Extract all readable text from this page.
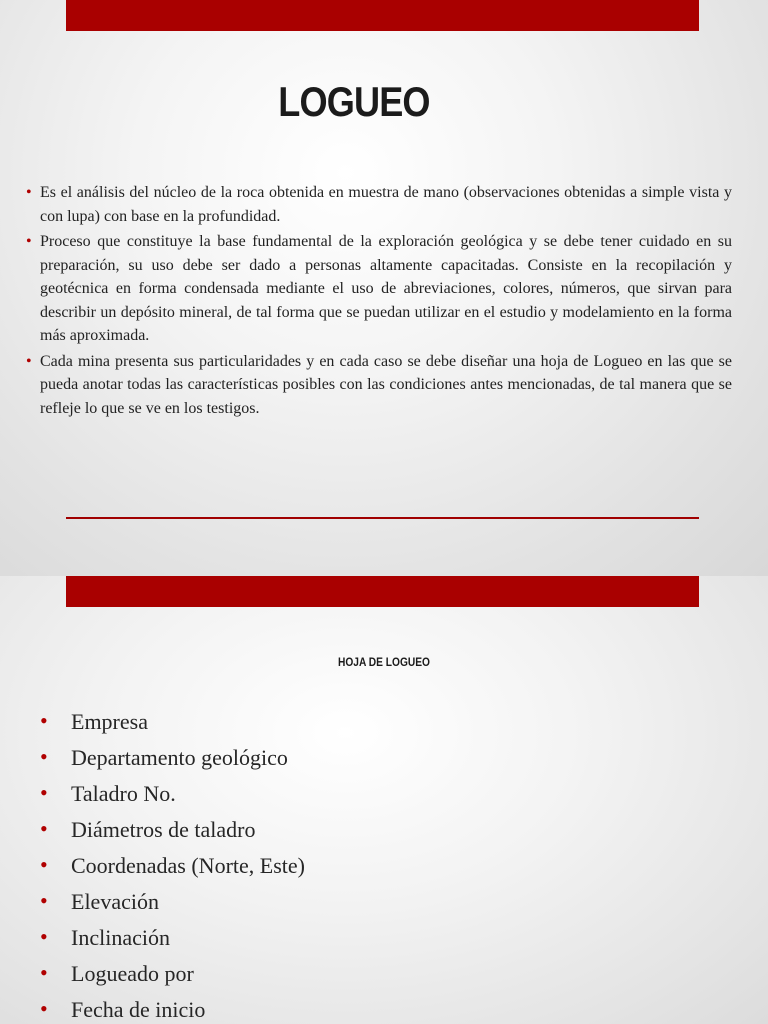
LOGUEO
• Es el análisis del núcleo de la roca obtenida en muestra de mano (observaciones obtenidas a simple vista y con lupa) con base en la profundidad.
• Proceso que constituye la base fundamental de la exploración geológica y se debe tener cuidado en su preparación, su uso debe ser dado a personas altamente capacitadas. Consiste en la recopilación y geotécnica en forma condensada mediante el uso de abreviaciones, colores, números, que sirvan para describir un depósito mineral, de tal forma que se puedan utilizar en el estudio y modelamiento en la forma más aproximada.
• Cada mina presenta sus particularidades y en cada caso se debe diseñar una hoja de Logueo en las que se pueda anotar todas las características posibles con las condiciones antes mencionadas, de tal manera que se refleje lo que se ve en los testigos.
HOJA DE LOGUEO
• Empresa
• Departamento geológico
• Taladro No.
• Diámetros de taladro
• Coordenadas (Norte, Este)
• Elevación
• Inclinación
• Logueado por
• Fecha de inicio
